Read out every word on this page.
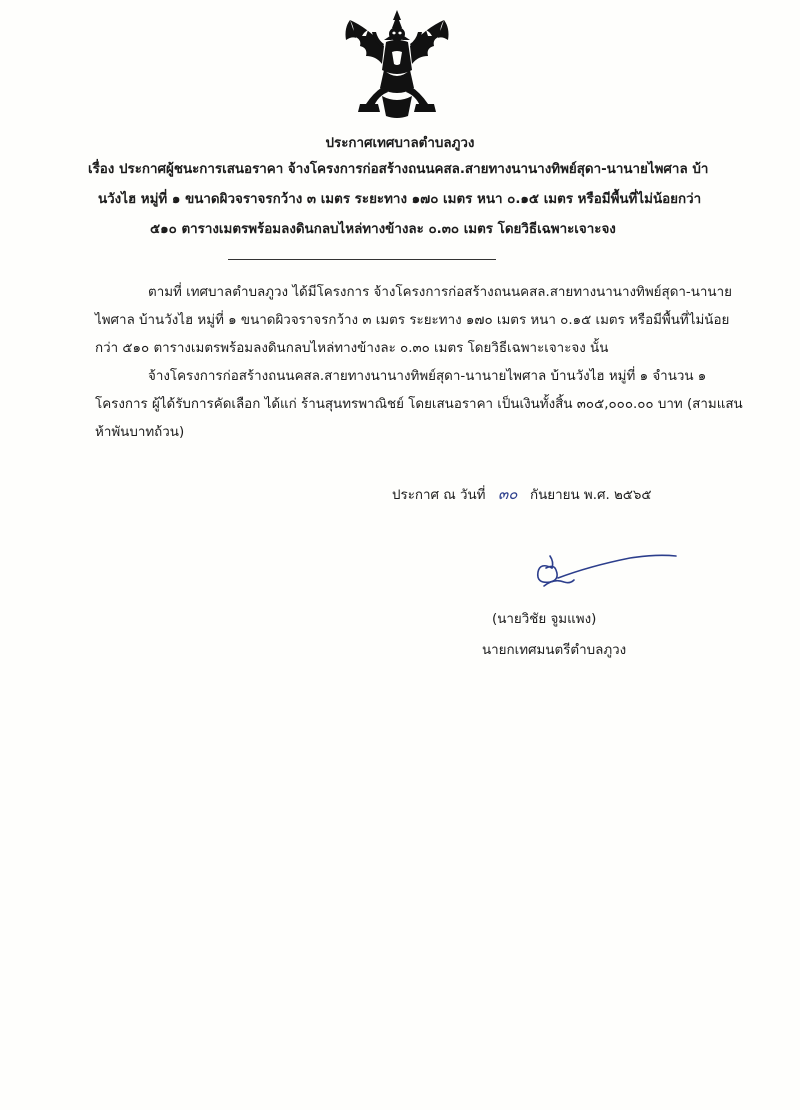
ประกาศเทศบาลตำบลภูวง
เรื่อง ประกาศผู้ชนะการเสนอราคา จ้างโครงการก่อสร้างถนนคสล.สายทางนานางทิพย์สุดา-นานายไพศาล บ้า
นวังไฮ หมู่ที่ ๑ ขนาดผิวจราจรกว้าง ๓ เมตร ระยะทาง ๑๗๐ เมตร หนา ๐.๑๕ เมตร หรือมีพื้นที่ไม่น้อยกว่า
๕๑๐ ตารางเมตรพร้อมลงดินกลบไหล่ทางข้างละ ๐.๓๐ เมตร โดยวิธีเฉพาะเจาะจง
ตามที่ เทศบาลตำบลภูวง ได้มีโครงการ จ้างโครงการก่อสร้างถนนคสล.สายทางนานางทิพย์สุดา-นานาย
ไพศาล บ้านวังไฮ หมู่ที่ ๑ ขนาดผิวจราจรกว้าง ๓ เมตร ระยะทาง ๑๗๐ เมตร หนา ๐.๑๕ เมตร หรือมีพื้นที่ไม่น้อย
กว่า ๕๑๐ ตารางเมตรพร้อมลงดินกลบไหล่ทางข้างละ ๐.๓๐ เมตร โดยวิธีเฉพาะเจาะจง นั้น
จ้างโครงการก่อสร้างถนนคสล.สายทางนานางทิพย์สุดา-นานายไพศาล บ้านวังไฮ หมู่ที่ ๑ จำนวน ๑
โครงการ ผู้ได้รับการคัดเลือก ได้แก่ ร้านสุนทรพาณิชย์ โดยเสนอราคา เป็นเงินทั้งสิ้น ๓๐๕,๐๐๐.๐๐ บาท (สามแสน
ห้าพันบาทถ้วน)
ประกาศ ณ วันที่ ๓๐ กันยายน พ.ศ. ๒๕๖๕
(นายวิชัย จูมแพง)
นายกเทศมนตรีตำบลภูวง
